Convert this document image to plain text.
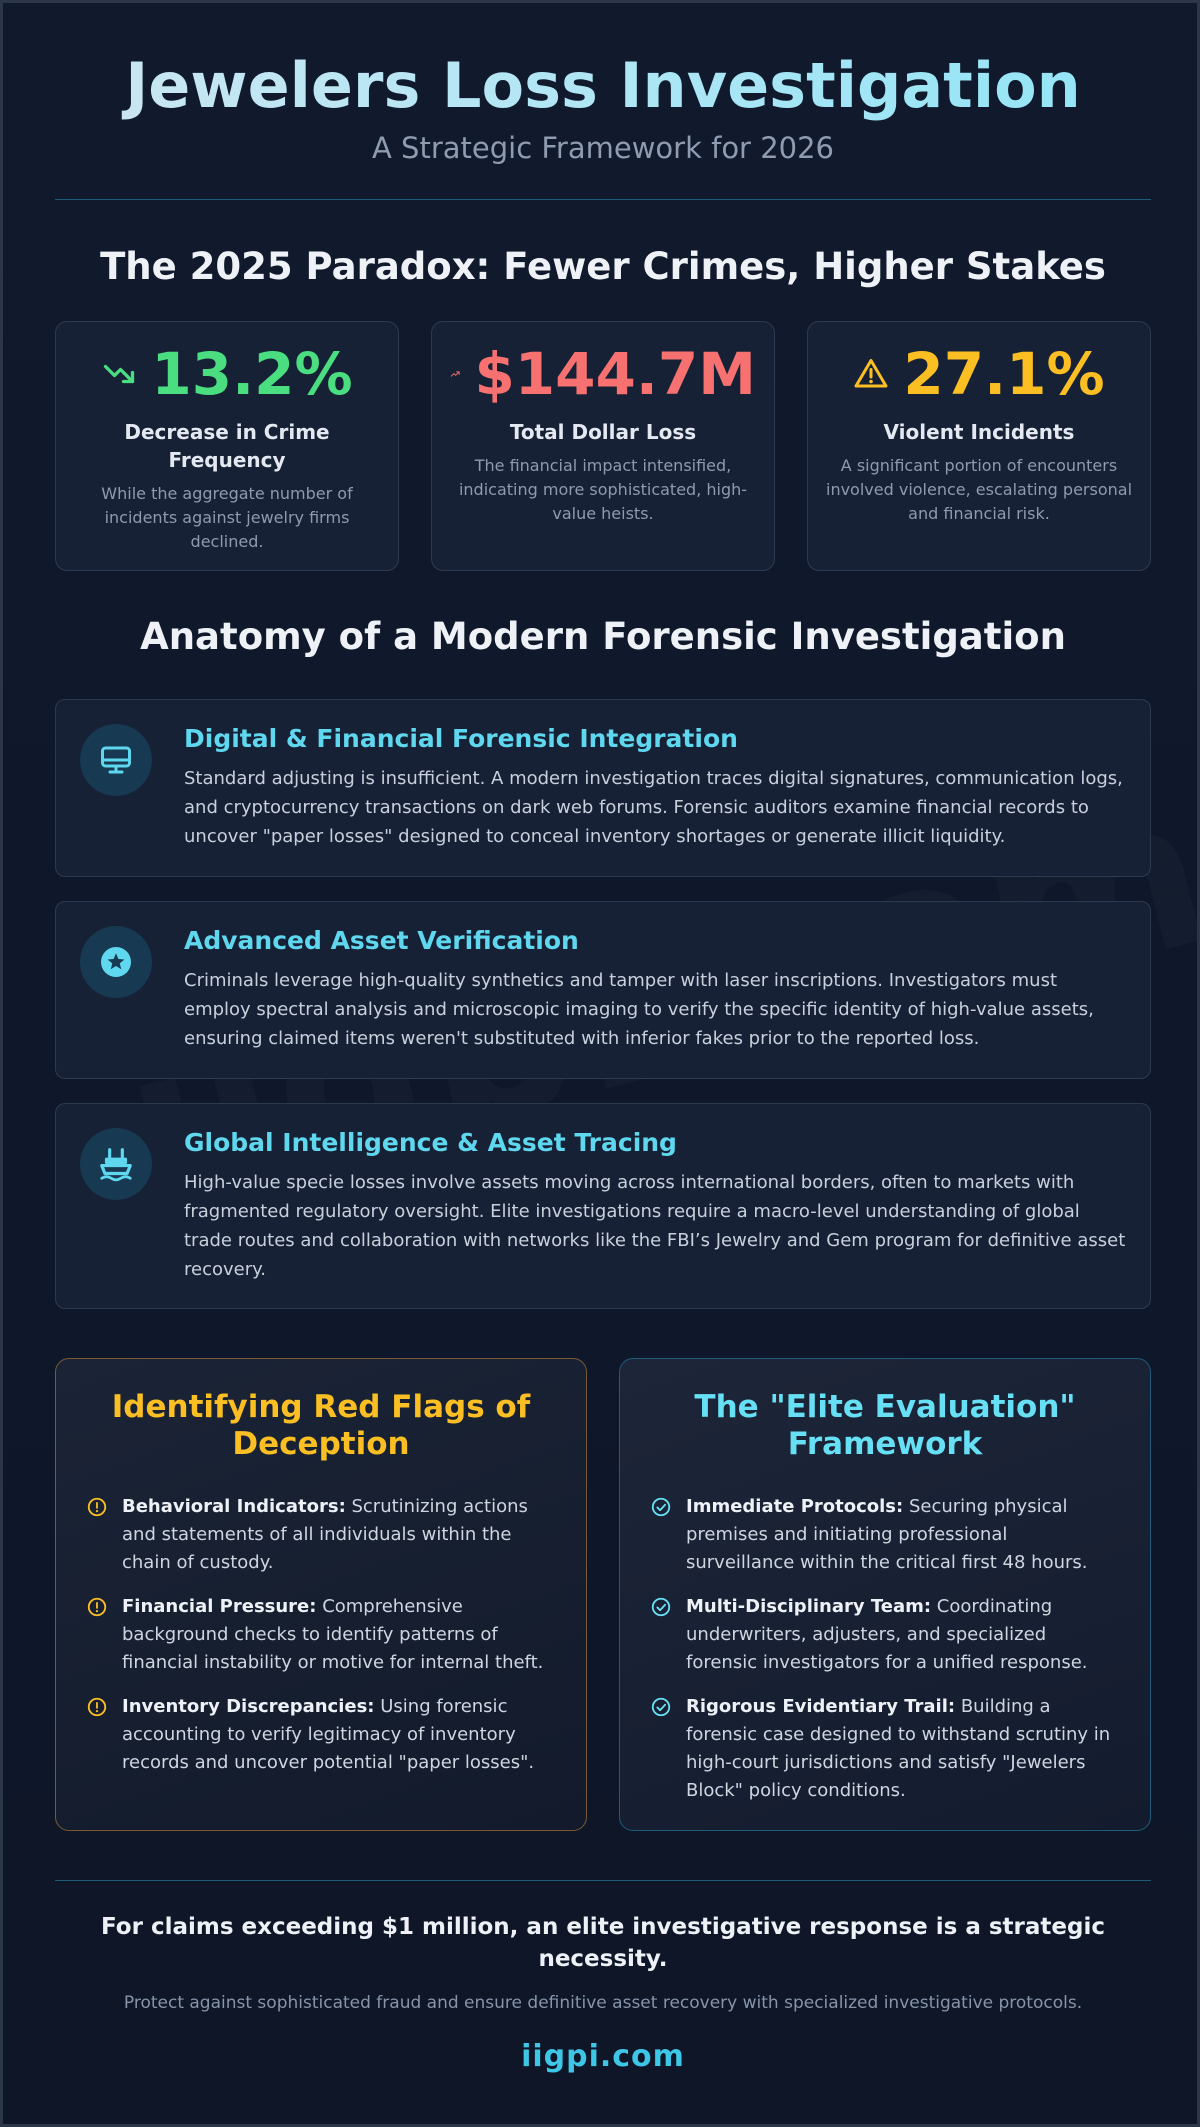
Jewelers Loss Investigation
A Strategic Framework for 2026
The 2025 Paradox: Fewer Crimes, Higher Stakes
13.2%
Decrease in Crime Frequency
While the aggregate number of incidents against jewelry firms declined.
$144.7M
Total Dollar Loss
The financial impact intensified, indicating more sophisticated, high-value heists.
27.1%
Violent Incidents
A significant portion of encounters involved violence, escalating personal and financial risk.
Anatomy of a Modern Forensic Investigation
Digital & Financial Forensic Integration
Standard adjusting is insufficient. A modern investigation traces digital signatures, communication logs, and cryptocurrency transactions on dark web forums. Forensic auditors examine financial records to uncover "paper losses" designed to conceal inventory shortages or generate illicit liquidity.
Advanced Asset Verification
Criminals leverage high-quality synthetics and tamper with laser inscriptions. Investigators must employ spectral analysis and microscopic imaging to verify the specific identity of high-value assets, ensuring claimed items weren't substituted with inferior fakes prior to the reported loss.
Global Intelligence & Asset Tracing
High-value specie losses involve assets moving across international borders, often to markets with fragmented regulatory oversight. Elite investigations require a macro-level understanding of global trade routes and collaboration with networks like the FBI’s Jewelry and Gem program for definitive asset recovery.
Identifying Red Flags of Deception
Behavioral Indicators: Scrutinizing actions and statements of all individuals within the chain of custody.
Financial Pressure: Comprehensive background checks to identify patterns of financial instability or motive for internal theft.
Inventory Discrepancies: Using forensic accounting to verify legitimacy of inventory records and uncover potential "paper losses".
The "Elite Evaluation" Framework
Immediate Protocols: Securing physical premises and initiating professional surveillance within the critical first 48 hours.
Multi-Disciplinary Team: Coordinating underwriters, adjusters, and specialized forensic investigators for a unified response.
Rigorous Evidentiary Trail: Building a forensic case designed to withstand scrutiny in high-court jurisdictions and satisfy "Jewelers Block" policy conditions.
For claims exceeding $1 million, an elite investigative response is a strategic necessity.
Protect against sophisticated fraud and ensure definitive asset recovery with specialized investigative protocols.
iigpi.com
